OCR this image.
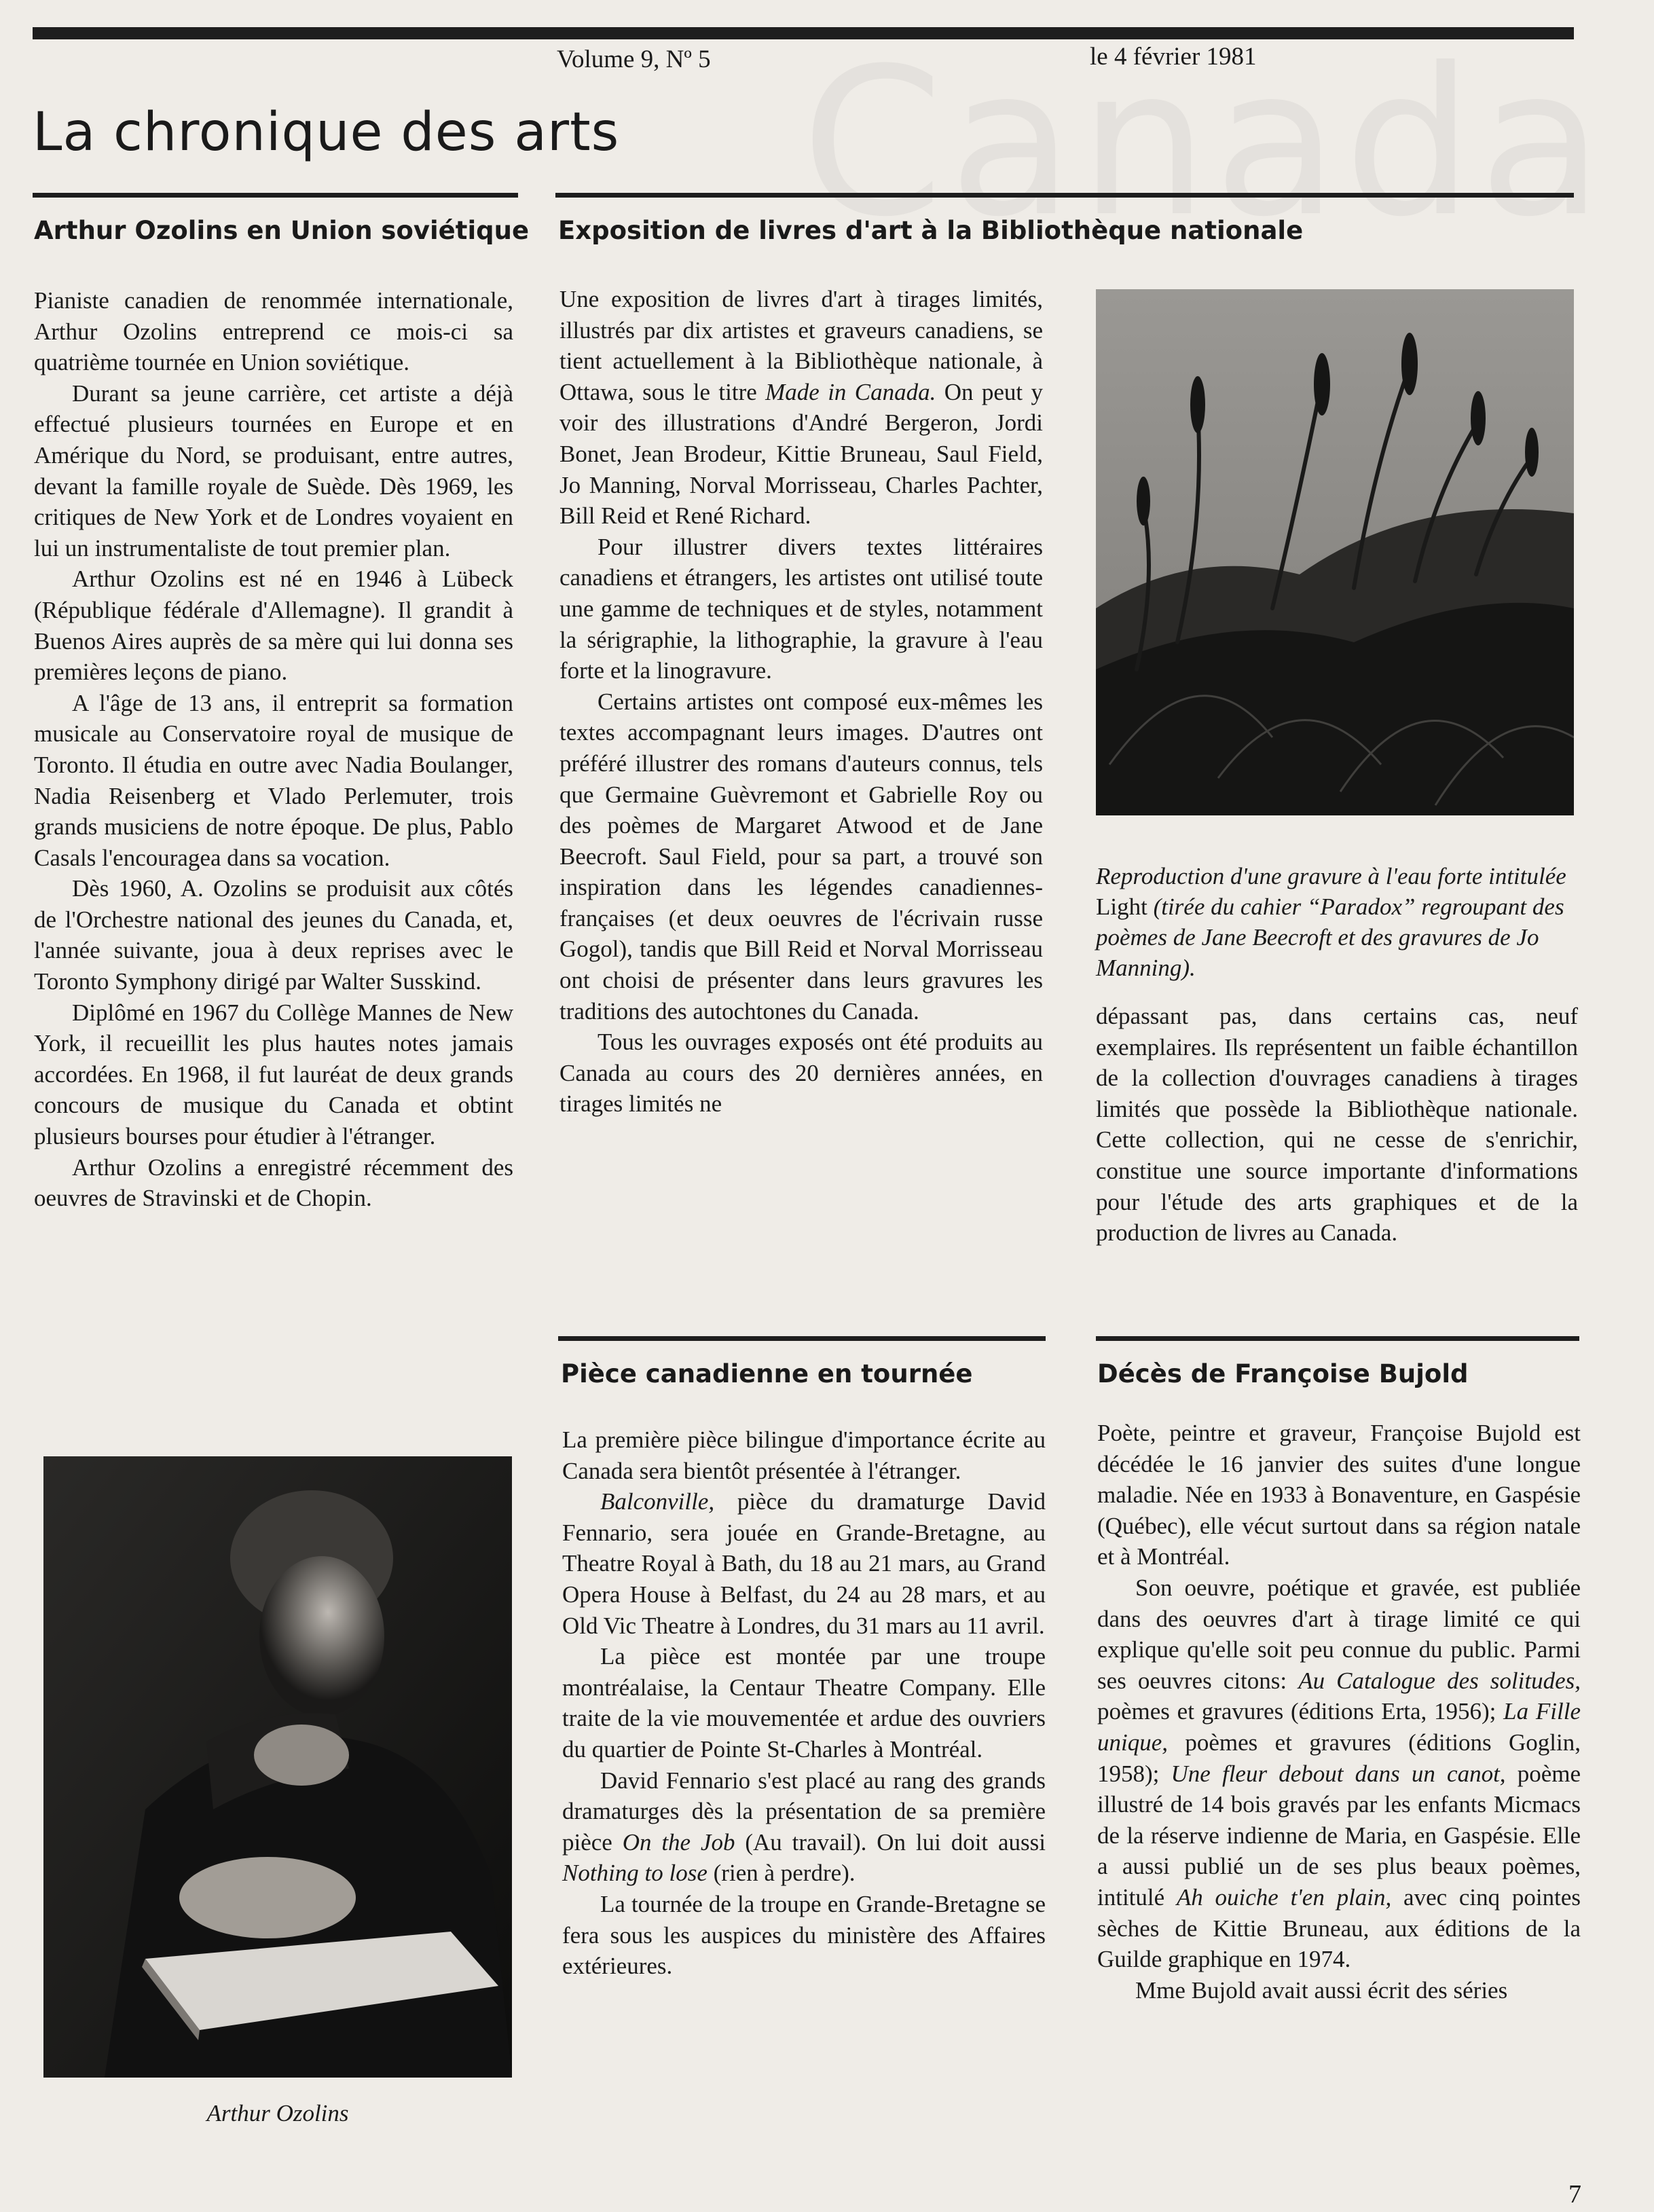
Volume 9, Nº 5	le 4 février 1981
La chronique des arts
Arthur Ozolins en Union soviétique

Pianiste canadien de renommée internationale, Arthur Ozolins entreprend ce mois-ci sa quatrième tournée en Union soviétique.

Durant sa jeune carrière, cet artiste a déjà effectué plusieurs tournées en Europe et en Amérique du Nord, se produisant, entre autres, devant la famille royale de Suède. Dès 1969, les critiques de New York et de Londres voyaient en lui un instrumentaliste de tout premier plan.

Arthur Ozolins est né en 1946 à Lübeck (République fédérale d'Allemagne). Il grandit à Buenos Aires auprès de sa mère qui lui donna ses premières leçons de piano.

A l'âge de 13 ans, il entreprit sa formation musicale au Conservatoire royal de musique de Toronto. Il étudia en outre avec Nadia Boulanger, Nadia Reisenberg et Vlado Perlemuter, trois grands musiciens de notre époque. De plus, Pablo Casals l'encouragea dans sa vocation.

Dès 1960, A. Ozolins se produisit aux côtés de l'Orchestre national des jeunes du Canada, et, l'année suivante, joua à deux reprises avec le Toronto Symphony dirigé par Walter Susskind.

Diplômé en 1967 du Collège Mannes de New York, il recueillit les plus hautes notes jamais accordées. En 1968, il fut lauréat de deux grands concours de musique du Canada et obtint plusieurs bourses pour étudier à l'étranger.

Arthur Ozolins a enregistré récemment des oeuvres de Stravinski et de Chopin.

Arthur Ozolins
Exposition de livres d'art à la Bibliothèque nationale

Une exposition de livres d'art à tirages limités, illustrés par dix artistes et graveurs canadiens, se tient actuellement à la Bibliothèque nationale, à Ottawa, sous le titre Made in Canada. On peut y voir des illustrations d'André Bergeron, Jordi Bonet, Jean Brodeur, Kittie Bruneau, Saul Field, Jo Manning, Norval Morrisseau, Charles Pachter, Bill Reid et René Richard.

Pour illustrer divers textes littéraires canadiens et étrangers, les artistes ont utilisé toute une gamme de techniques et de styles, notamment la sérigraphie, la lithographie, la gravure à l'eau forte et la linogravure.

Certains artistes ont composé eux-mêmes les textes accompagnant leurs images. D'autres ont préféré illustrer des romans d'auteurs connus, tels que Germaine Guèvremont et Gabrielle Roy ou des poèmes de Margaret Atwood et de Jane Beecroft. Saul Field, pour sa part, a trouvé son inspiration dans les légendes canadiennes-françaises (et deux oeuvres de l'écrivain russe Gogol), tandis que Bill Reid et Norval Morrisseau ont choisi de présenter dans leurs gravures les traditions des autochtones du Canada.

Tous les ouvrages exposés ont été produits au Canada au cours des 20 dernières années, en tirages limités ne

Reproduction d'une gravure à l'eau forte intitulée Light (tirée du cahier “Paradox” regroupant des poèmes de Jane Beecroft et des gravures de Jo Manning).

dépassant pas, dans certains cas, neuf exemplaires. Ils représentent un faible échantillon de la collection d'ouvrages canadiens à tirages limités que possède la Bibliothèque nationale. Cette collection, qui ne cesse de s'enrichir, constitue une source importante d'informations pour l'étude des arts graphiques et de la production de livres au Canada.

Pièce canadienne en tournée

La première pièce bilingue d'importance écrite au Canada sera bientôt présentée à l'étranger.

Balconville, pièce du dramaturge David Fennario, sera jouée en Grande-Bretagne, au Theatre Royal à Bath, du 18 au 21 mars, au Grand Opera House à Belfast, du 24 au 28 mars, et au Old Vic Theatre à Londres, du 31 mars au 11 avril.

La pièce est montée par une troupe montréalaise, la Centaur Theatre Company. Elle traite de la vie mouvementée et ardue des ouvriers du quartier de Pointe St-Charles à Montréal.

David Fennario s'est placé au rang des grands dramaturges dès la présentation de sa première pièce On the Job (Au travail). On lui doit aussi Nothing to lose (rien à perdre).

La tournée de la troupe en Grande-Bretagne se fera sous les auspices du ministère des Affaires extérieures.

Décès de Françoise Bujold

Poète, peintre et graveur, Françoise Bujold est décédée le 16 janvier des suites d'une longue maladie. Née en 1933 à Bonaventure, en Gaspésie (Québec), elle vécut surtout dans sa région natale et à Montréal.

Son oeuvre, poétique et gravée, est publiée dans des oeuvres d'art à tirage limité ce qui explique qu'elle soit peu connue du public. Parmi ses oeuvres citons: Au Catalogue des solitudes, poèmes et gravures (éditions Erta, 1956); La Fille unique, poèmes et gravures (éditions Goglin, 1958); Une fleur debout dans un canot, poème illustré de 14 bois gravés par les enfants Micmacs de la réserve indienne de Maria, en Gaspésie. Elle a aussi publié un de ses plus beaux poèmes, intitulé Ah ouiche t'en plain, avec cinq pointes sèches de Kittie Bruneau, aux éditions de la Guilde graphique en 1974.

Mme Bujold avait aussi écrit des séries

7
